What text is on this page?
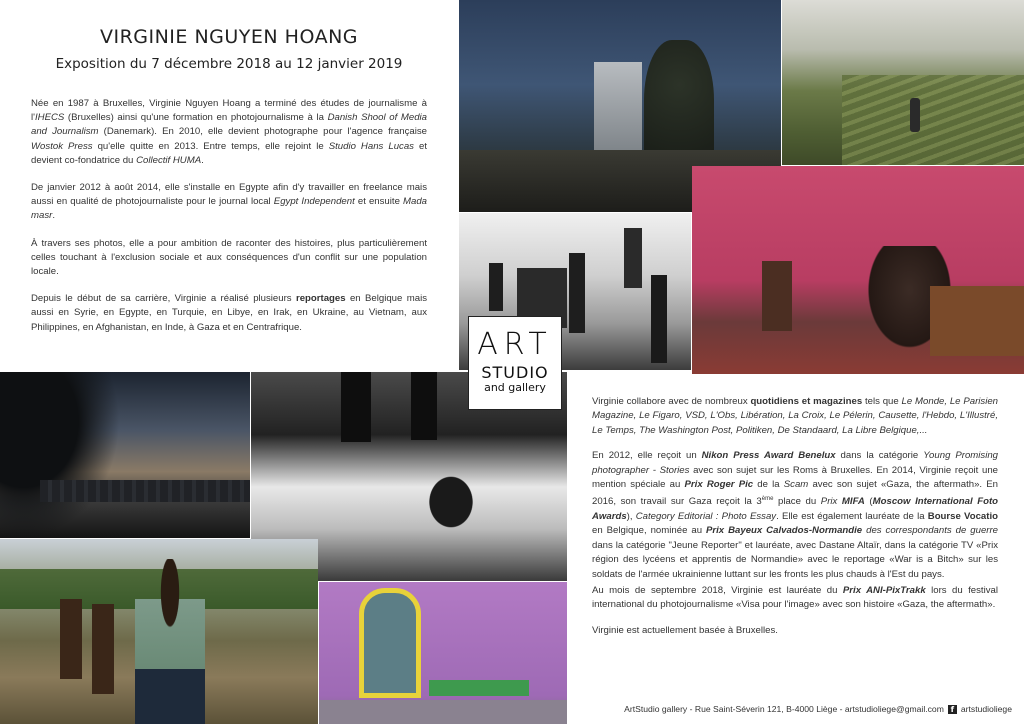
VIRGINIE NGUYEN HOANG
Exposition du 7 décembre 2018 au 12 janvier 2019

Née en 1987 à Bruxelles, Virginie Nguyen Hoang a terminé des études de journalisme à l'IHECS (Bruxelles) ainsi qu'une formation en photojournalisme à la Danish Shool of Media and Journalism (Danemark). En 2010, elle devient photographe pour l'agence française Wostok Press qu'elle quitte en 2013. Entre temps, elle rejoint le Studio Hans Lucas et devient co-fondatrice du Collectif HUMA.

De janvier 2012 à août 2014, elle s'installe en Egypte afin d'y travailler en freelance mais aussi en qualité de photojournaliste pour le journal local Egypt Independent et ensuite Mada masr.

À travers ses photos, elle a pour ambition de raconter des histoires, plus particulièrement celles touchant à l'exclusion sociale et aux conséquences d'un conflit sur une population locale.

Depuis le début de sa carrière, Virginie a réalisé plusieurs reportages en Belgique mais aussi en Syrie, en Egypte, en Turquie, en Libye, en Irak, en Ukraine, au Vietnam, aux Philippines, en Afghanistan, en Inde, à Gaza et en Centrafrique.	ART
STUDIO
and gallery

Virginie collabore avec de nombreux quotidiens et magazines tels que Le Monde, Le Parisien Magazine, Le Figaro, VSD, L'Obs, Libération, La Croix, Le Pélerin, Causette, l'Hebdo, L'Illustré, Le Temps, The Washington Post, Politiken, De Standaard, La Libre Belgique,...

En 2012, elle reçoit un Nikon Press Award Benelux dans la catégorie Young Promising photographer - Stories avec son sujet sur les Roms à Bruxelles. En 2014, Virginie reçoit une mention spéciale au Prix Roger Pic de la Scam avec son sujet «Gaza, the aftermath». En 2016, son travail sur Gaza reçoit la 3ème place du Prix MIFA (Moscow International Foto Awards), Category Editorial : Photo Essay. Elle est également lauréate de la Bourse Vocatio en Belgique, nominée au Prix Bayeux Calvados-Normandie des correspondants de guerre dans la catégorie "Jeune Reporter" et lauréate, avec Dastane Altaïr, dans la catégorie TV «Prix région des lycéens et apprentis de Normandie» avec le reportage «War is a Bitch» sur les soldats de l'armée ukrainienne luttant sur les fronts les plus chauds à l'Est du pays.

Au mois de septembre 2018, Virginie est lauréate du Prix ANI-PixTrakk lors du festival international du photojournalisme «Visa pour l'image» avec son histoire «Gaza, the aftermath».

Virginie est actuellement basée à Bruxelles.

ArtStudio gallery - Rue Saint-Séverin 121, B-4000 Liège - artstudioliege@gmail.com f artstudioliege
